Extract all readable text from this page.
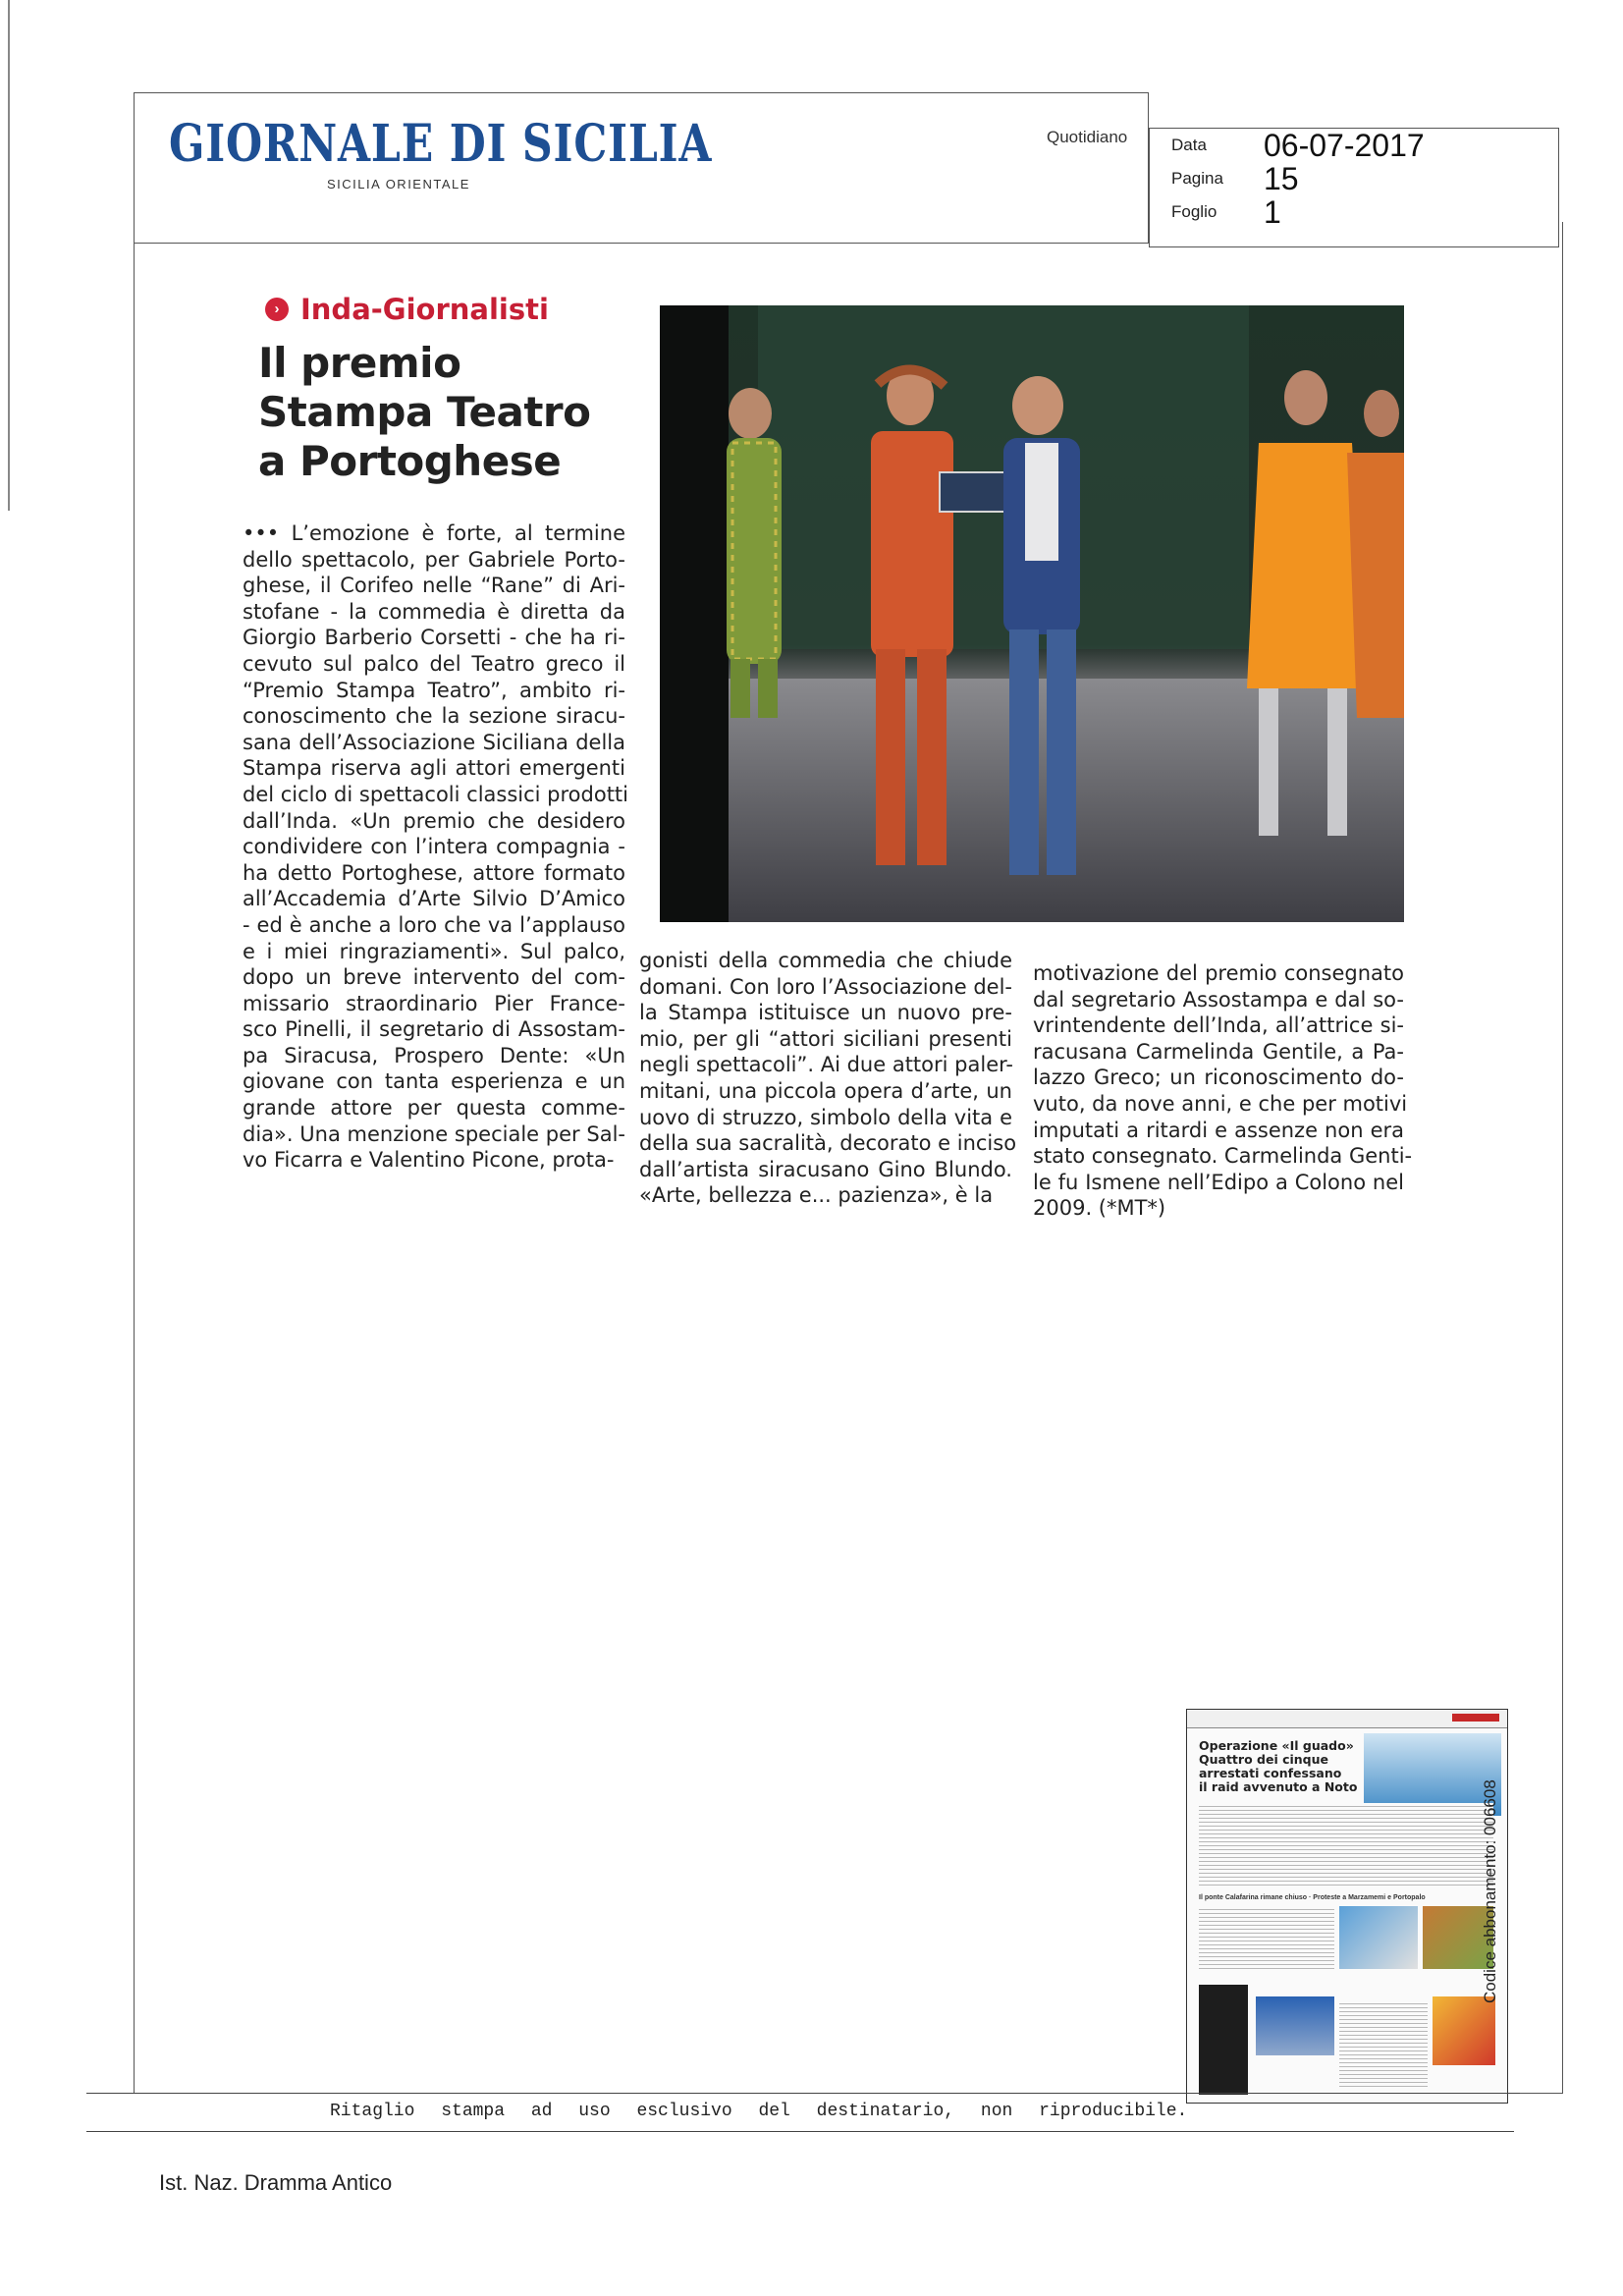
GIORNALE DI SICILIA
SICILIA ORIENTALE
Quotidiano	Data 06-07-2017
Pagina 15
Foglio 1
› Inda-Giornalisti
Il premio
Stampa Teatro
a Portoghese
••• L’emozione è forte, al termine
dello spettacolo, per Gabriele Porto-
ghese, il Corifeo nelle “Rane” di Ari-
stofane - la commedia è diretta da
Giorgio Barberio Corsetti - che ha ri-
cevuto sul palco del Teatro greco il
“Premio Stampa Teatro”, ambito ri-
conoscimento che la sezione siracu-
sana dell’Associazione Siciliana della
Stampa riserva agli attori emergenti
del ciclo di spettacoli classici prodotti
dall’Inda. «Un premio che desidero
condividere con l’intera compagnia -
ha detto Portoghese, attore formato
all’Accademia d’Arte Silvio D’Amico
- ed è anche a loro che va l’applauso
e i miei ringraziamenti». Sul palco,
dopo un breve intervento del com-
missario straordinario Pier France-
sco Pinelli, il segretario di Assostam-
pa Siracusa, Prospero Dente: «Un
giovane con tanta esperienza e un
grande attore per questa comme-
dia». Una menzione speciale per Sal-
vo Ficarra e Valentino Picone, prota-
gonisti della commedia che chiude
domani. Con loro l’Associazione del-
la Stampa istituisce un nuovo pre-
mio, per gli “attori siciliani presenti
negli spettacoli”. Ai due attori paler-
mitani, una piccola opera d’arte, un
uovo di struzzo, simbolo della vita e
della sua sacralità, decorato e inciso
dall’artista siracusano Gino Blundo.
«Arte, bellezza e... pazienza», è la
motivazione del premio consegnato
dal segretario Assostampa e dal so-
vrintendente dell’Inda, all’attrice si-
racusana Carmelinda Gentile, a Pa-
lazzo Greco; un riconoscimento do-
vuto, da nove anni, e che per motivi
imputati a ritardi e assenze non era
stato consegnato. Carmelinda Genti-
le fu Ismene nell’Edipo a Colono nel
2009. (*MT*)
Operazione «Il guado»
Quattro dei cinque
arrestati confessano
il raid avvenuto a Noto
Il ponte Calafarina rimane chiuso · Proteste a Marzamemi e Portopalo
Ritaglio stampa ad uso esclusivo del destinatario, non riproducibile.
Codice abbonamento: 006608
Ist. Naz. Dramma Antico
